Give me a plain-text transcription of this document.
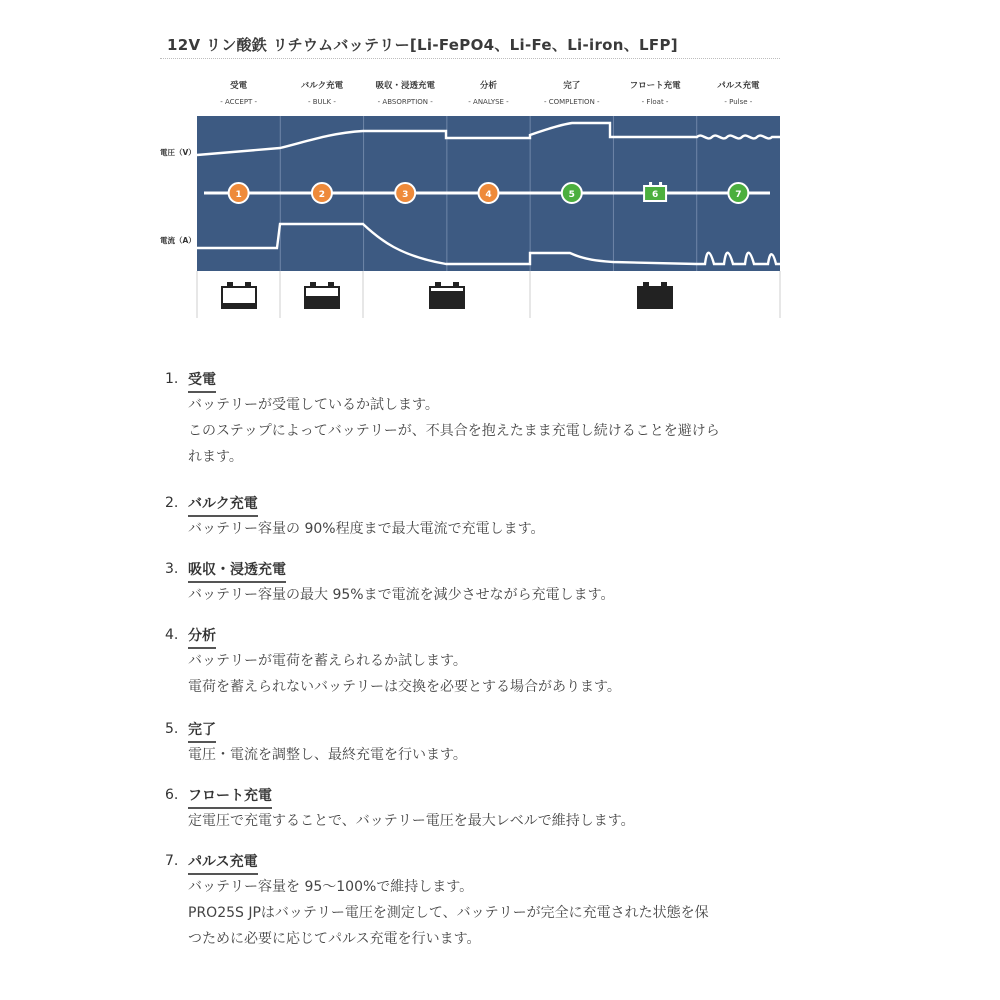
12V リン酸鉄 リチウムバッテリー[Li-FePO4、Li-Fe、Li-iron、LFP]
受電
- ACCEPT -
バルク充電
- BULK -
吸収・浸透充電
- ABSORPTION -
分析
- ANALYSE -
完了
- COMPLETION -
フロート充電
- Float -
パルス充電
- Pulse -
電圧（V）
電流（A）
1	2	3	4	5	6	7
1. 受電

バッテリーが受電しているか試します。

このステップによってバッテリーが、不具合を抱えたまま充電し続けることを避けら

れます。

2. バルク充電

バッテリー容量の 90%程度まで最大電流で充電します。

3. 吸収・浸透充電

バッテリー容量の最大 95%まで電流を減少させながら充電します。

4. 分析

バッテリーが電荷を蓄えられるか試します。

電荷を蓄えられないバッテリーは交換を必要とする場合があります。

5. 完了

電圧・電流を調整し、最終充電を行います。

6. フロート充電

定電圧で充電することで、バッテリー電圧を最大レベルで維持します。

7. パルス充電

バッテリー容量を 95～100%で維持します。

PRO25S JPはバッテリー電圧を測定して、バッテリーが完全に充電された状態を保

つために必要に応じてパルス充電を行います。
